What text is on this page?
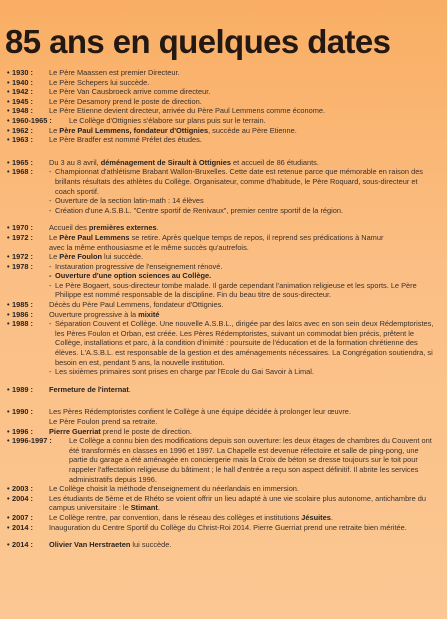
85 ans en quelques dates
• 1930 : Le Père Maassen est premier Directeur.
• 1940 : Le Père Schepers lui succède.
• 1942 : Le Père Van Causbroeck arrive comme directeur.
• 1945 : Le Père Desamory prend le poste de direction.
• 1948 : Le Père Etienne devient directeur, arrivée du Père Paul Lemmens comme économe.
• 1960-1965 : Le Collège d'Ottignies s'élabore sur plans puis sur le terrain.
• 1962 : Le Père Paul Lemmens, fondateur d'Ottignies, succède au Père Etienne.
• 1963 : Le Père Bradfer est nommé Préfet des études.
• 1965 : Du 3 au 8 avril, déménagement de Sirault à Ottignies et accueil de 86 étudiants.
• 1968 :	- Championnat d'athlétisme Brabant Wallon-Bruxelles. Cette date est retenue parce que mémorable en raison des brillants résultats des athlètes du Collège. Organisateur, comme d'habitude, le Père Roquard, sous-directeur et coach sportif.
- Ouverture de la section latin-math : 14 élèves
- Création d'une A.S.B.L. "Centre sportif de Renivaux", premier centre sportif de la région.
• 1970 : Accueil des premières externes.
• 1972 : Le Père Paul Lemmens se retire. Après quelque temps de repos, il reprend ses prédications à Namur
avec la même enthousiasme et le même succès qu'autrefois.
• 1972 : Le Père Foulon lui succède.
• 1978 :	- Instauration progressive de l'enseignement rénové.
- Ouverture d'une option sciences au Collège.
- Le Père Bogaert, sous-directeur tombe malade. Il garde cependant l'animation religieuse et les sports. Le Père Philippe est nommé responsable de la discipline. Fin du beau titre de sous-directeur.
• 1985 : Décès du Père Paul Lemmens, fondateur d'Ottignies.
• 1986 : Ouverture progressive à la mixité
• 1988 :	- Séparation Couvent et Collège. Une nouvelle A.S.B.L., dirigée par des laïcs avec en son sein deux Rédemptoristes, les Pères Foulon et Orban, est créée. Les Pères Rédemptoristes, suivant un commodat bien précis, prêtent le Collège, installations et parc, à la condition d'inimité : poursuite de l'éducation et de la formation chrétienne des élèves. L'A.S.B.L. est responsable de la gestion et des aménagements nécessaires. La Congrégation soutiendra, si besoin en est, pendant 5 ans, la nouvelle institution.
- Les sixièmes primaires sont prises en charge par l'Ecole du Gai Savoir à Limal.
• 1989 : Fermeture de l'internat.
• 1990 : Les Pères Rédemptoristes confient le Collège à une équipe décidée à prolonger leur œuvre.
Le Père Foulon prend sa retraite.
• 1996 : Pierre Guerriat prend le poste de direction.
• 1996-1997 : Le Collège a connu bien des modifications depuis son ouverture: les deux étages de chambres du Couvent ont été transformés en classes en 1996 et 1997. La Chapelle est devenue réfectoire et salle de ping-pong, une partie du garage a été aménagée en conciergerie mais la Croix de béton se dresse toujours sur le toit pour rappeler l'affectation religieuse du bâtiment ; le hall d'entrée a reçu son aspect définitif. Il abrite les services administratifs depuis 1996.
• 2003 : Le Collège choisit la méthode d'enseignement du néerlandais en immersion.
• 2004 : Les étudiants de 5ème et de Rhéto se voient offrir un lieu adapté à une vie scolaire plus autonome, antichambre du campus universitaire : le Stimant.
• 2007 : Le Collège rentre, par convention, dans le réseau des collèges et institutions Jésuites.
• 2014 : Inauguration du Centre Sportif du Collège du Christ-Roi 2014. Pierre Guerriat prend une retraite bien méritée.
• 2014 : Olivier Van Herstraeten lui succède.
